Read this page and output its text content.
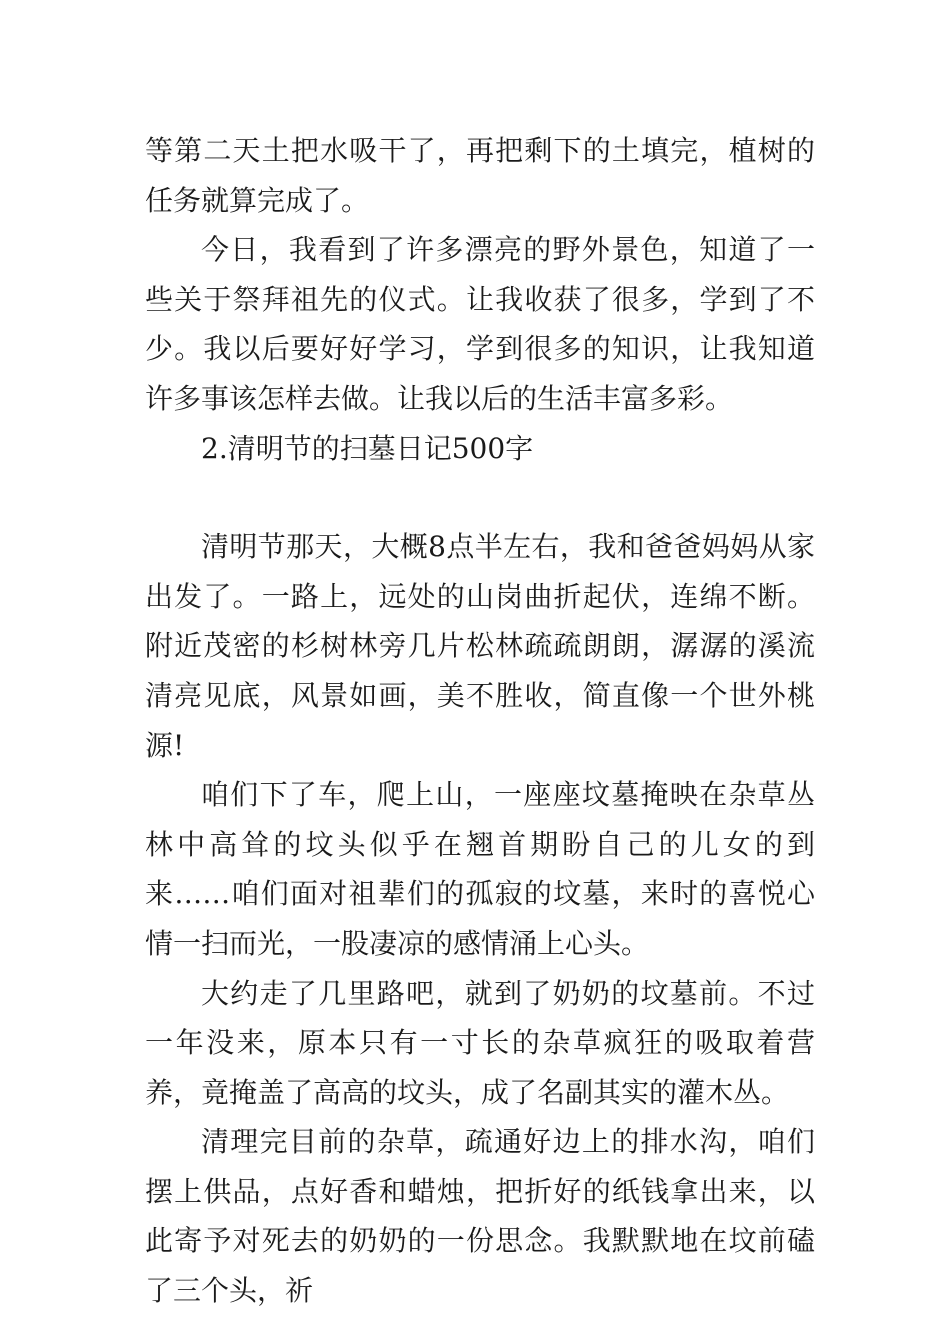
等第二天土把水吸干了，再把剩下的土填完，植树的任务就算完成了。

今日，我看到了许多漂亮的野外景色，知道了一些关于祭拜祖先的仪式。让我收获了很多，学到了不少。我以后要好好学习，学到很多的知识，让我知道许多事该怎样去做。让我以后的生活丰富多彩。

2.清明节的扫墓日记500字

清明节那天，大概8点半左右，我和爸爸妈妈从家出发了。一路上，远处的山岗曲折起伏，连绵不断。附近茂密的杉树林旁几片松林疏疏朗朗，潺潺的溪流清亮见底，风景如画，美不胜收，简直像一个世外桃源!

咱们下了车，爬上山，一座座坟墓掩映在杂草丛林中高耸的坟头似乎在翘首期盼自己的儿女的到来……咱们面对祖辈们的孤寂的坟墓，来时的喜悦心情一扫而光，一股凄凉的感情涌上心头。

大约走了几里路吧，就到了奶奶的坟墓前。不过一年没来，原本只有一寸长的杂草疯狂的吸取着营养，竟掩盖了高高的坟头，成了名副其实的灌木丛。

清理完目前的杂草，疏通好边上的排水沟，咱们摆上供品，点好香和蜡烛，把折好的纸钱拿出来，以此寄予对死去的奶奶的一份思念。我默默地在坟前磕了三个头，祈
